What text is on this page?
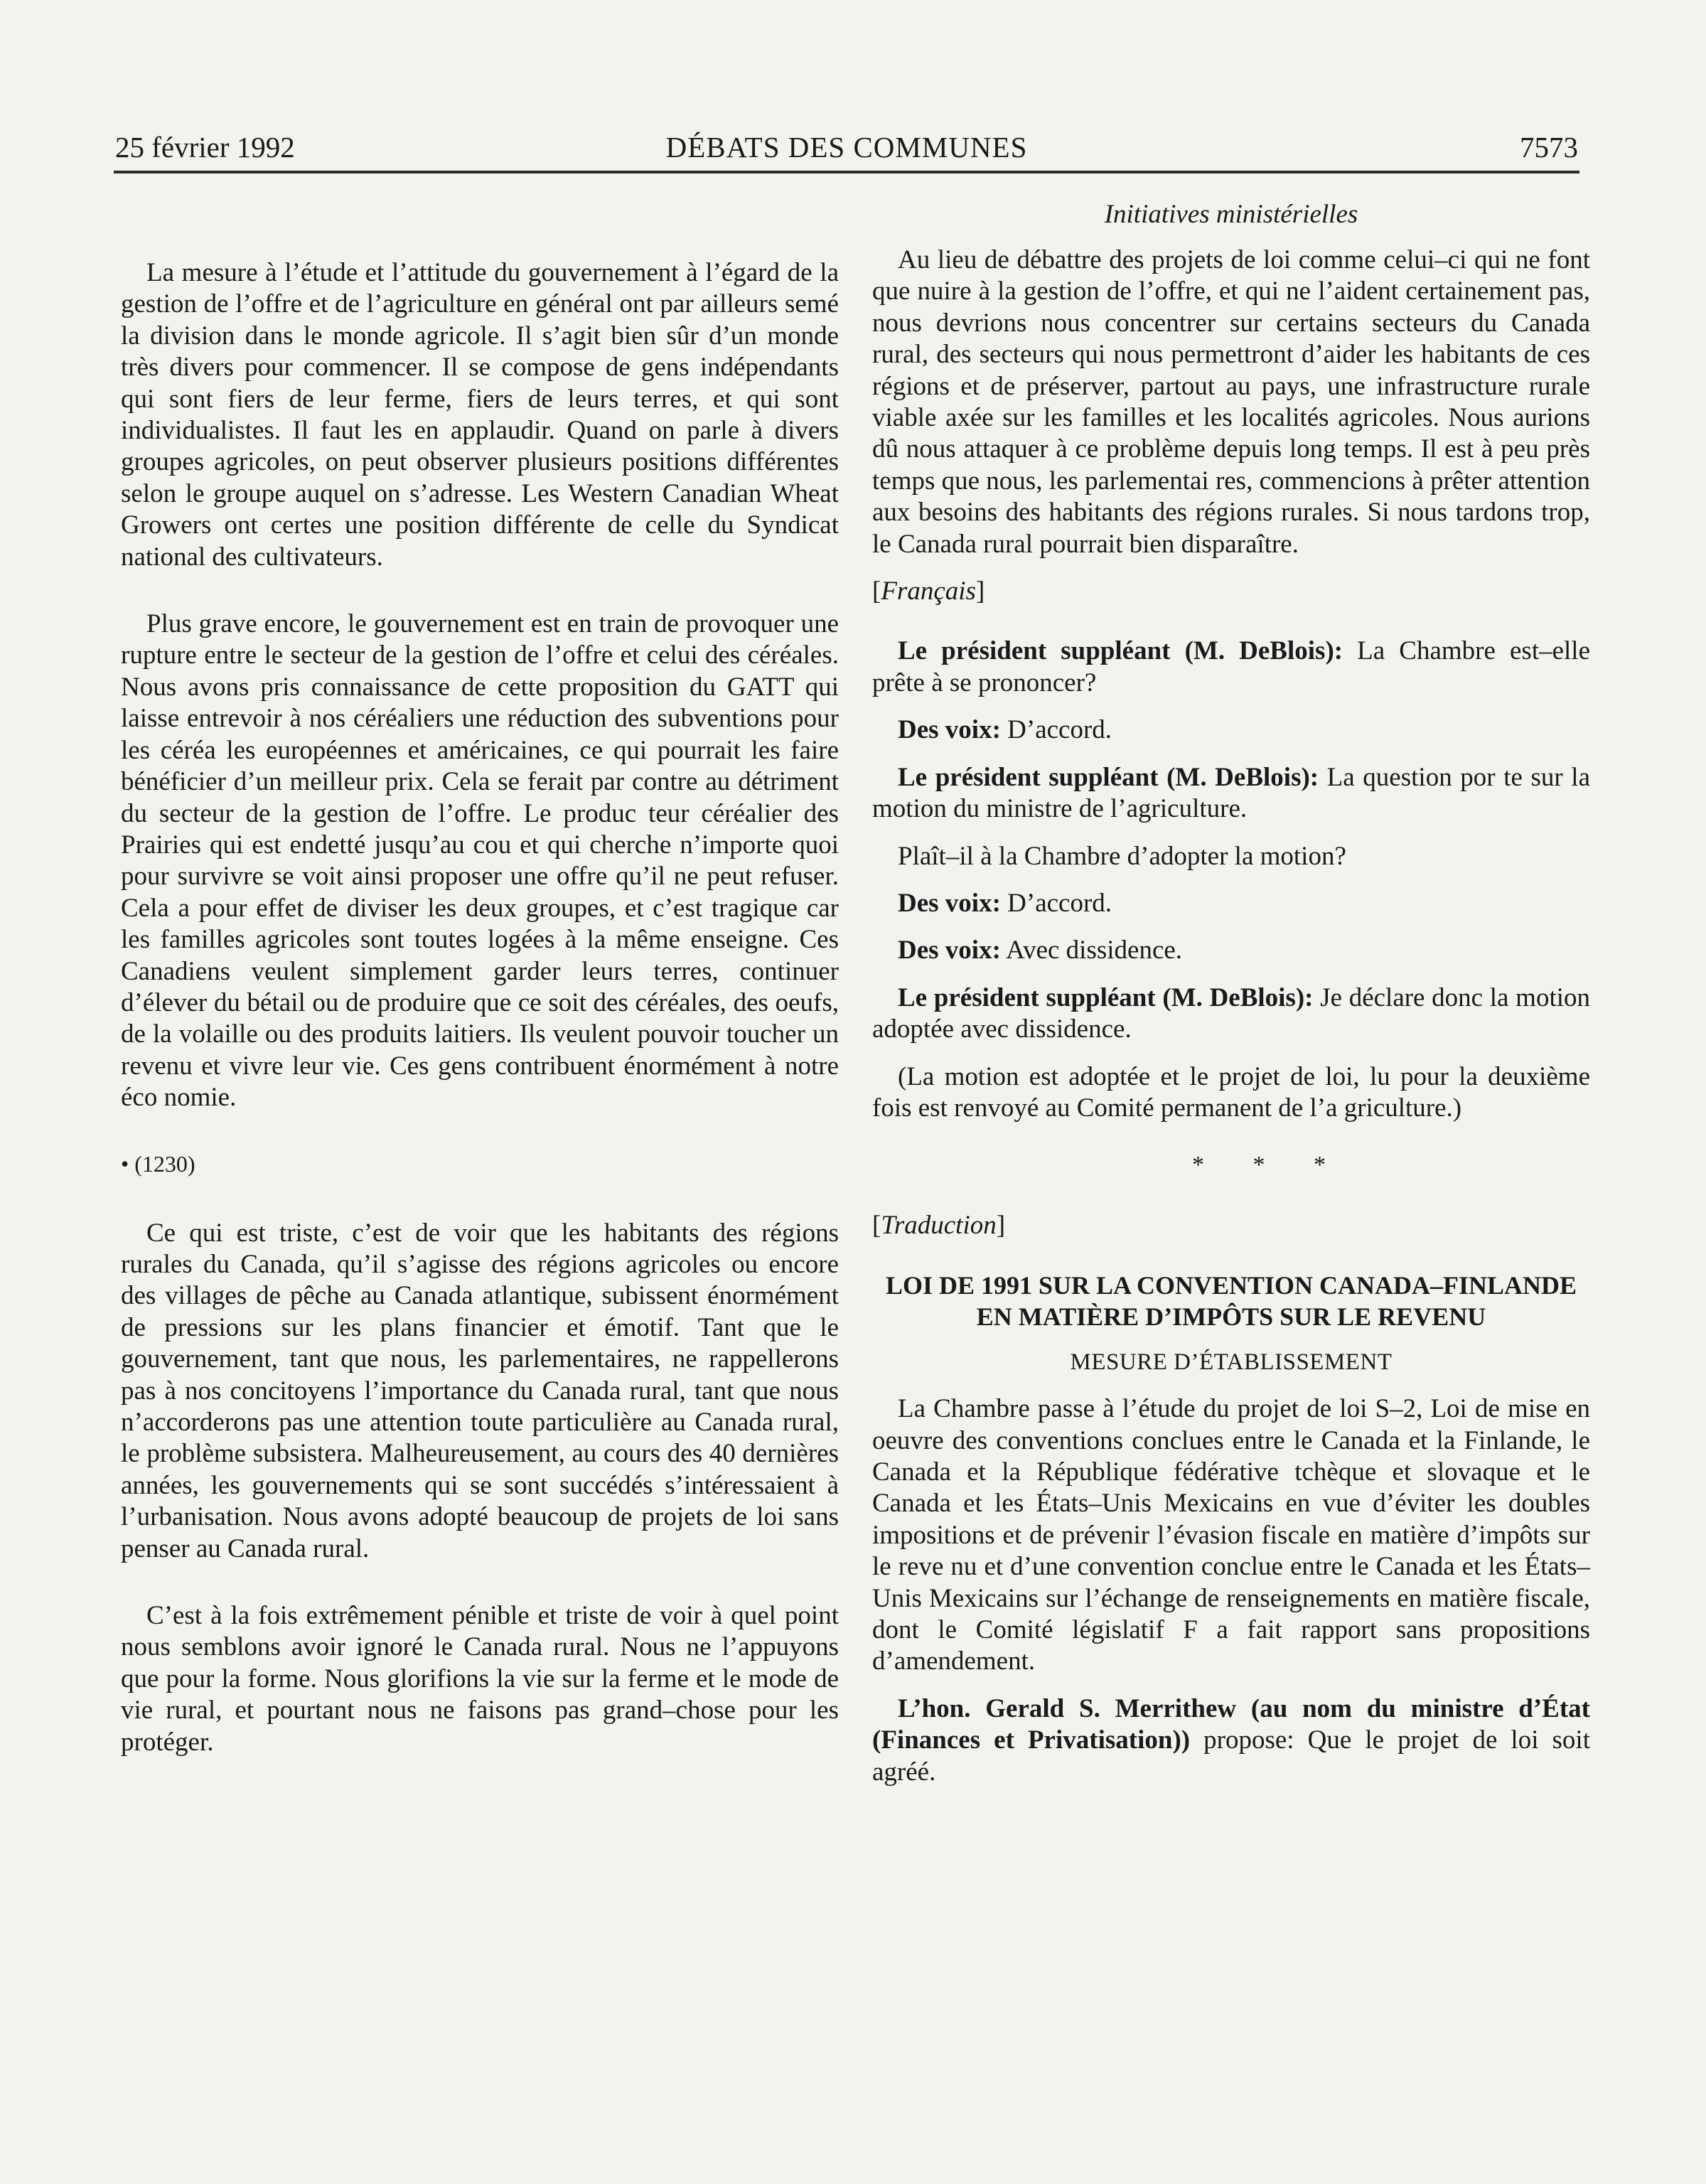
25 février 1992	DÉBATS DES COMMUNES	7573

La mesure à l’étude et l’attitude du gouvernement à l’égard de la gestion de l’offre et de l’agriculture en général ont par ailleurs semé la division dans le monde agricole. Il s’agit bien sûr d’un monde très divers pour commencer. Il se compose de gens indépendants qui sont fiers de leur ferme, fiers de leurs terres, et qui sont individualistes. Il faut les en applaudir. Quand on parle à divers groupes agricoles, on peut observer plusieurs positions différentes selon le groupe auquel on s’adresse. Les Western Canadian Wheat Growers ont certes une position différente de celle du Syndicat national des cultivateurs.

Plus grave encore, le gouvernement est en train de provoquer une rupture entre le secteur de la gestion de l’offre et celui des céréales. Nous avons pris connaissance de cette proposition du GATT qui laisse entrevoir à nos céréaliers une réduction des subventions pour les céréa les européennes et américaines, ce qui pourrait les faire bénéficier d’un meilleur prix. Cela se ferait par contre au détriment du secteur de la gestion de l’offre. Le produc teur céréalier des Prairies qui est endetté jusqu’au cou et qui cherche n’importe quoi pour survivre se voit ainsi proposer une offre qu’il ne peut refuser. Cela a pour effet de diviser les deux groupes, et c’est tragique car les familles agricoles sont toutes logées à la même enseigne. Ces Canadiens veulent simplement garder leurs terres, continuer d’élever du bétail ou de produire que ce soit des céréales, des oeufs, de la volaille ou des produits laitiers. Ils veulent pouvoir toucher un revenu et vivre leur vie. Ces gens contribuent énormément à notre éco nomie.

• (1230)

Ce qui est triste, c’est de voir que les habitants des régions rurales du Canada, qu’il s’agisse des régions agricoles ou encore des villages de pêche au Canada atlantique, subissent énormément de pressions sur les plans financier et émotif. Tant que le gouvernement, tant que nous, les parlementaires, ne rappellerons pas à nos concitoyens l’importance du Canada rural, tant que nous n’accorderons pas une attention toute particulière au Canada rural, le problème subsistera. Malheureusement, au cours des 40 dernières années, les gouvernements qui se sont succédés s’intéressaient à l’urbanisation. Nous avons adopté beaucoup de projets de loi sans penser au Canada rural.

C’est à la fois extrêmement pénible et triste de voir à quel point nous semblons avoir ignoré le Canada rural. Nous ne l’appuyons que pour la forme. Nous glorifions la vie sur la ferme et le mode de vie rural, et pourtant nous ne faisons pas grand–chose pour les protéger.

Initiatives ministérielles

Au lieu de débattre des projets de loi comme celui–ci qui ne font que nuire à la gestion de l’offre, et qui ne l’aident certainement pas, nous devrions nous concentrer sur certains secteurs du Canada rural, des secteurs qui nous permettront d’aider les habitants de ces régions et de préserver, partout au pays, une infrastructure rurale viable axée sur les familles et les localités agricoles. Nous aurions dû nous attaquer à ce problème depuis long temps. Il est à peu près temps que nous, les parlementai res, commencions à prêter attention aux besoins des habitants des régions rurales. Si nous tardons trop, le Canada rural pourrait bien disparaître.

[Français]

Le président suppléant (M. DeBlois): La Chambre est–elle prête à se prononcer?

Des voix: D’accord.

Le président suppléant (M. DeBlois): La question por te sur la motion du ministre de l’agriculture.

Plaît–il à la Chambre d’adopter la motion?

Des voix: D’accord.

Des voix: Avec dissidence.

Le président suppléant (M. DeBlois): Je déclare donc la motion adoptée avec dissidence.

(La motion est adoptée et le projet de loi, lu pour la deuxième fois est renvoyé au Comité permanent de l’a griculture.)

* * *
[Traduction]
LOI DE 1991 SUR LA CONVENTION CANADA–FINLANDE EN MATIÈRE D’IMPÔTS SUR LE REVENU
MESURE D’ÉTABLISSEMENT

La Chambre passe à l’étude du projet de loi S–2, Loi de mise en oeuvre des conventions conclues entre le Canada et la Finlande, le Canada et la République fédérative tchèque et slovaque et le Canada et les États–Unis Mexicains en vue d’éviter les doubles impositions et de prévenir l’évasion fiscale en matière d’impôts sur le reve nu et d’une convention conclue entre le Canada et les États–Unis Mexicains sur l’échange de renseignements en matière fiscale, dont le Comité législatif F a fait rapport sans propositions d’amendement.

L’hon. Gerald S. Merrithew (au nom du ministre d’État (Finances et Privatisation)) propose: Que le projet de loi soit agréé.
